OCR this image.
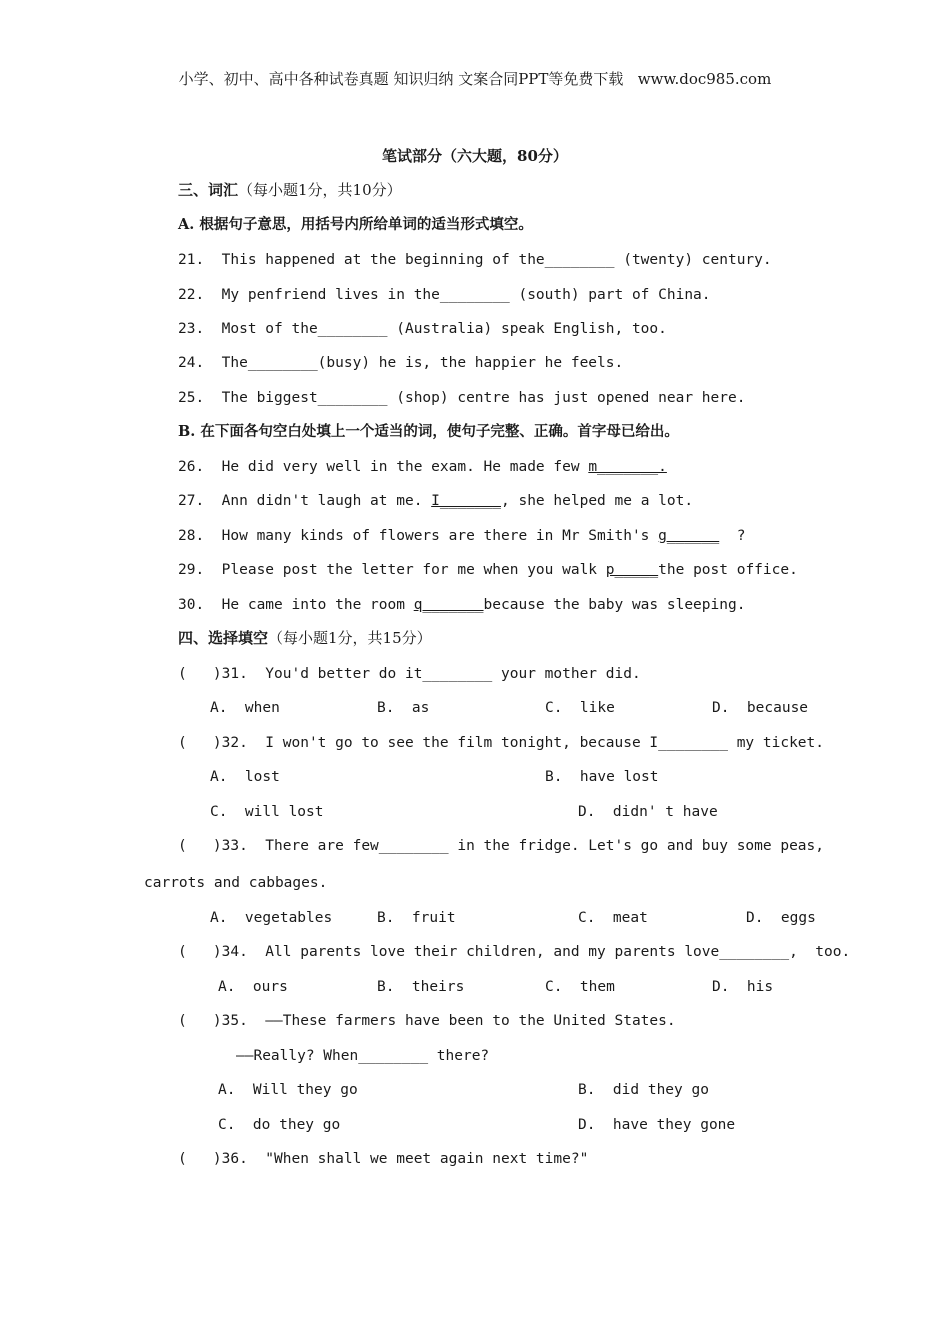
小学、初中、高中各种试卷真题 知识归纳 文案合同PPT等免费下载   www.doc985.com
笔试部分（六大题，80分）
三、词汇（每小题1分，共10分）
A. 根据句子意思，用括号内所给单词的适当形式填空。
21.  This happened at the beginning of the________ (twenty) century.
22.  My penfriend lives in the________ (south) part of China.
23.  Most of the________ (Australia) speak English, too.
24.  The________(busy) he is, the happier he feels.
25.  The biggest________ (shop) centre has just opened near here.
B. 在下面各句空白处填上一个适当的词，使句子完整、正确。首字母已给出。
26.  He did very well in the exam. He made few m_______.
27.  Ann didn't laugh at me. I_______, she helped me a lot.
28.  How many kinds of flowers are there in Mr Smith's g______  ?
29.  Please post the letter for me when you walk p_____the post office.
30.  He came into the room q_______because the baby was sleeping.
四、选择填空（每小题1分，共15分）
(   )31.  You'd better do it________ your mother did.
A.  when	B.  as	C.  like	D.  because
(   )32.  I won't go to see the film tonight, because I________ my ticket.
A.  lost	B.  have lost
C.  will lost	D.  didn' t have
(   )33.  There are few________ in the fridge. Let's go and buy some peas,
carrots and cabbages.
A.  vegetables	B.  fruit	C.  meat	D.  eggs
(   )34.  All parents love their children, and my parents love________,  too.
A.  ours	B.  theirs	C.  them	D.  his
(   )35.  ——These farmers have been to the United States.
——Really? When________ there?
A.  Will they go	B.  did they go
C.  do they go	D.  have they gone
(   )36.  "When shall we meet again next time?"
